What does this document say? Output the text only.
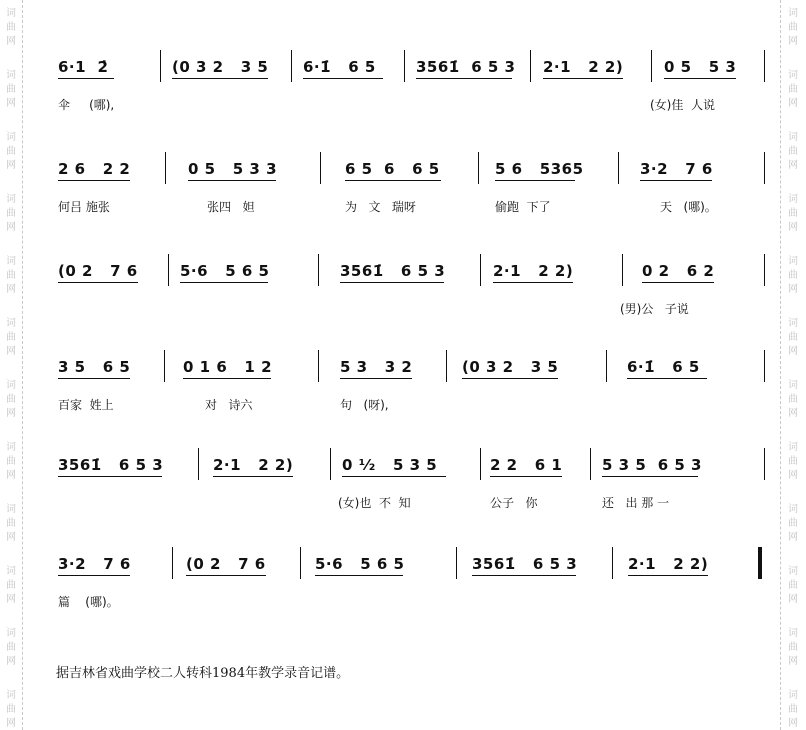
词
曲
网
词
曲
网
词
曲
网
词
曲
网
词
曲
网
词
曲
网
词
曲
网
词
曲
网
词
曲
网
词
曲
网
词
曲
网
词
曲
网
词
曲
网
词
曲
网
词
曲
网
词
曲
网
词
曲
网
词
曲
网
词
曲
网
词
曲
网
词
曲
网
词
曲
网
词
曲
网
词
曲
网
6·1  2̇	(0 3 2   3 5 6·1̇   6 5	3561̇  6 5 3 2·1   2 2)	0 5   5 3
伞     (哪),	(女)佳  人说
2 6   2 2	0 5   5 3 3	6 5  6   6 5	5 6   5365	3·2   7 6
何吕 施张	张四   妲	为   文   瑞呀	偷跑  下了	天   (哪)。
(0 2   7 6	5·6   5 6 5	3561̇   6 5 3	2·1   2 2)	0 2   6 2
(男)公   子说
3 5   6 5	0 1 6   1 2	5 3   3 2	(0 3 2   3 5	6·1̇   6 5
百家  姓上	对   诗六	句   (呀),
3561̇   6 5 3	2·1   2 2)	0 ¹⁄₂   5 3 5	2 2   6 1	5 3 5  6 5 3
(女)也  不  知	公子   你	还   出 那 一
3·2   7 6	(0 2   7 6	5·6   5 6 5	3561̇   6 5 3	2·1   2 2)
篇    (哪)。
据吉林省戏曲学校二人转科1984年教学录音记谱。
